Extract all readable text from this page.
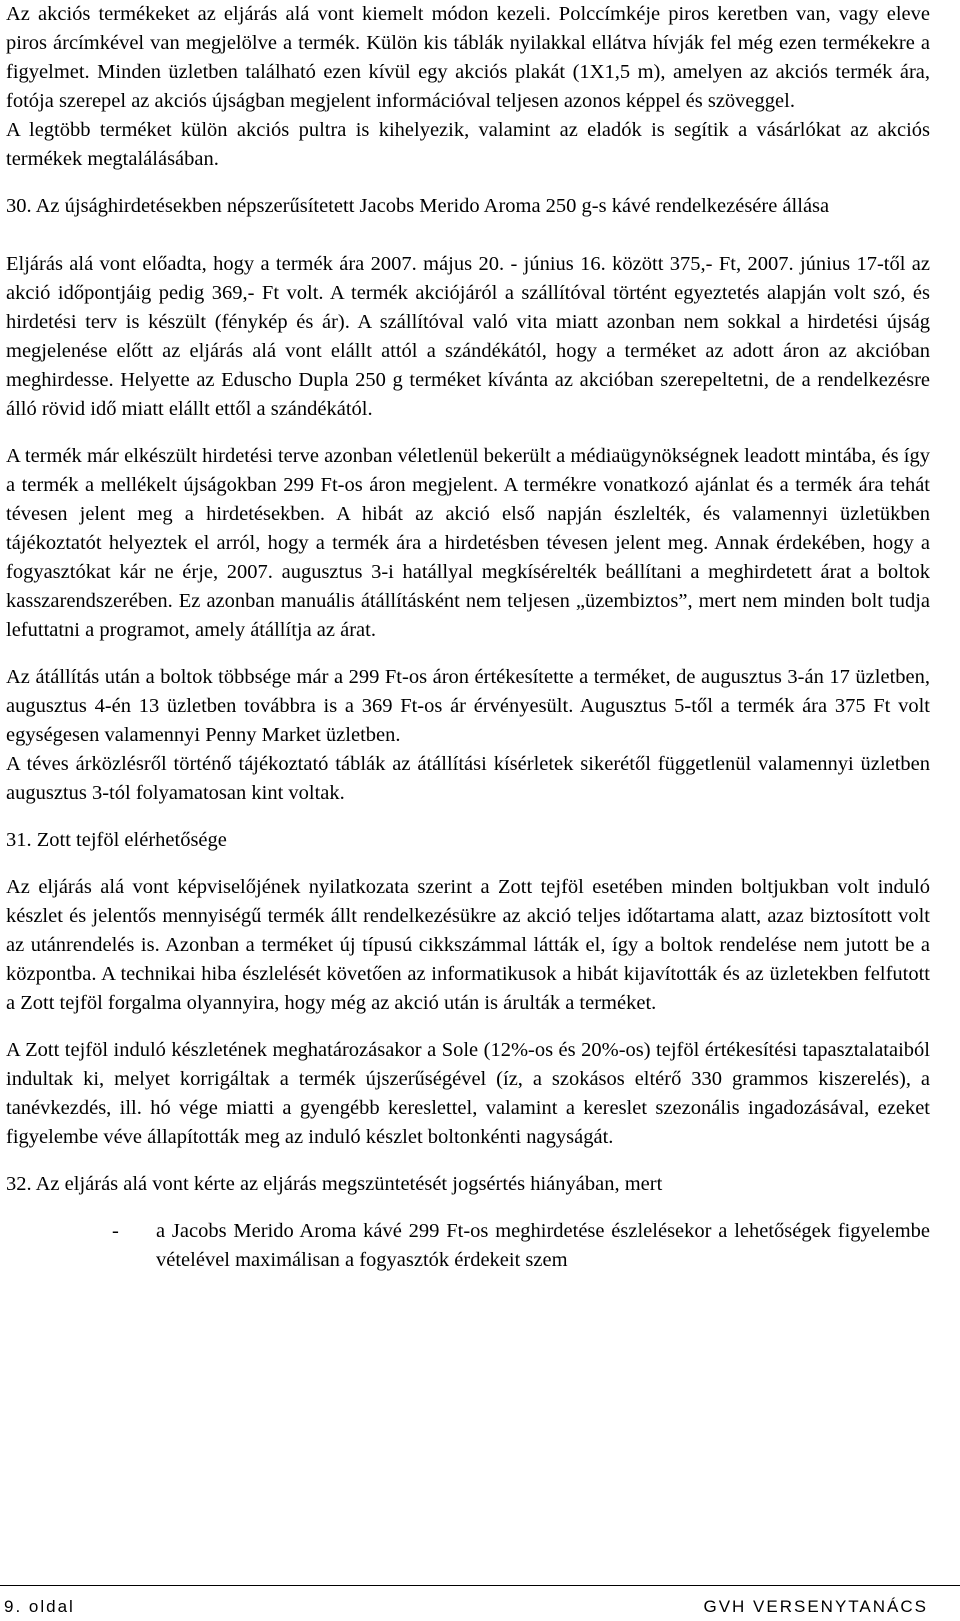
Az akciós termékeket az eljárás alá vont kiemelt módon kezeli. Polccímkéje piros keretben van, vagy eleve piros árcímkével van megjelölve a termék. Külön kis táblák nyilakkal ellátva hívják fel még ezen termékekre a figyelmet. Minden üzletben található ezen kívül egy akciós plakát (1X1,5 m), amelyen az akciós termék ára, fotója szerepel az akciós újságban megjelent információval teljesen azonos képpel és szöveggel.

A legtöbb terméket külön akciós pultra is kihelyezik, valamint az eladók is segítik a vásárlókat az akciós termékek megtalálásában.

30. Az újsághirdetésekben népszerűsítetett Jacobs Merido Aroma 250 g-s kávé rendelkezésére állása

Eljárás alá vont előadta, hogy a termék ára 2007. május 20. - június 16. között 375,- Ft, 2007. június 17-től az akció időpontjáig pedig 369,- Ft volt. A termék akciójáról a szállítóval történt egyeztetés alapján volt szó, és hirdetési terv is készült (fénykép és ár). A szállítóval való vita miatt azonban nem sokkal a hirdetési újság megjelenése előtt az eljárás alá vont elállt attól a szándékától, hogy a terméket az adott áron az akcióban meghirdesse. Helyette az Eduscho Dupla 250 g terméket kívánta az akcióban szerepeltetni, de a rendelkezésre álló rövid idő miatt elállt ettől a szándékától.

A termék már elkészült hirdetési terve azonban véletlenül bekerült a médiaügynökségnek leadott mintába, és így a termék a mellékelt újságokban 299 Ft-os áron megjelent. A termékre vonatkozó ajánlat és a termék ára tehát tévesen jelent meg a hirdetésekben. A hibát az akció első napján észlelték, és valamennyi üzletükben tájékoztatót helyeztek el arról, hogy a termék ára a hirdetésben tévesen jelent meg. Annak érdekében, hogy a fogyasztókat kár ne érje, 2007. augusztus 3-i hatállyal megkísérelték beállítani a meghirdetett árat a boltok kasszarendszerében. Ez azonban manuális átállításként nem teljesen „üzembiztos”, mert nem minden bolt tudja lefuttatni a programot, amely átállítja az árat.

Az átállítás után a boltok többsége már a 299 Ft-os áron értékesítette a terméket, de augusztus 3-án 17 üzletben, augusztus 4-én 13 üzletben továbbra is a 369 Ft-os ár érvényesült. Augusztus 5-től a termék ára 375 Ft volt egységesen valamennyi Penny Market üzletben.

A téves árközlésről történő tájékoztató táblák az átállítási kísérletek sikerétől függetlenül valamennyi üzletben augusztus 3-tól folyamatosan kint voltak.

31. Zott tejföl elérhetősége

Az eljárás alá vont képviselőjének nyilatkozata szerint a Zott tejföl esetében minden boltjukban volt induló készlet és jelentős mennyiségű termék állt rendelkezésükre az akció teljes időtartama alatt, azaz biztosított volt az utánrendelés is. Azonban a terméket új típusú cikkszámmal látták el, így a boltok rendelése nem jutott be a központba. A technikai hiba észlelését követően az informatikusok a hibát kijavították és az üzletekben felfutott a Zott tejföl forgalma olyannyira, hogy még az akció után is árulták a terméket.

A Zott tejföl induló készletének meghatározásakor a Sole (12%-os és 20%-os) tejföl értékesítési tapasztalataiból indultak ki, melyet korrigáltak a termék újszerűségével (íz, a szokásos eltérő 330 grammos kiszerelés), a tanévkezdés, ill. hó vége miatti a gyengébb kereslettel, valamint a kereslet szezonális ingadozásával, ezeket figyelembe véve állapították meg az induló készlet boltonkénti nagyságát.

32. Az eljárás alá vont kérte az eljárás megszüntetését jogsértés hiányában, mert

-	a Jacobs Merido Aroma kávé 299 Ft-os meghirdetése észlelésekor a lehetőségek figyelembe vételével maximálisan a fogyasztók érdekeit szem
9. oldal	GVH VERSENYTANÁCS
